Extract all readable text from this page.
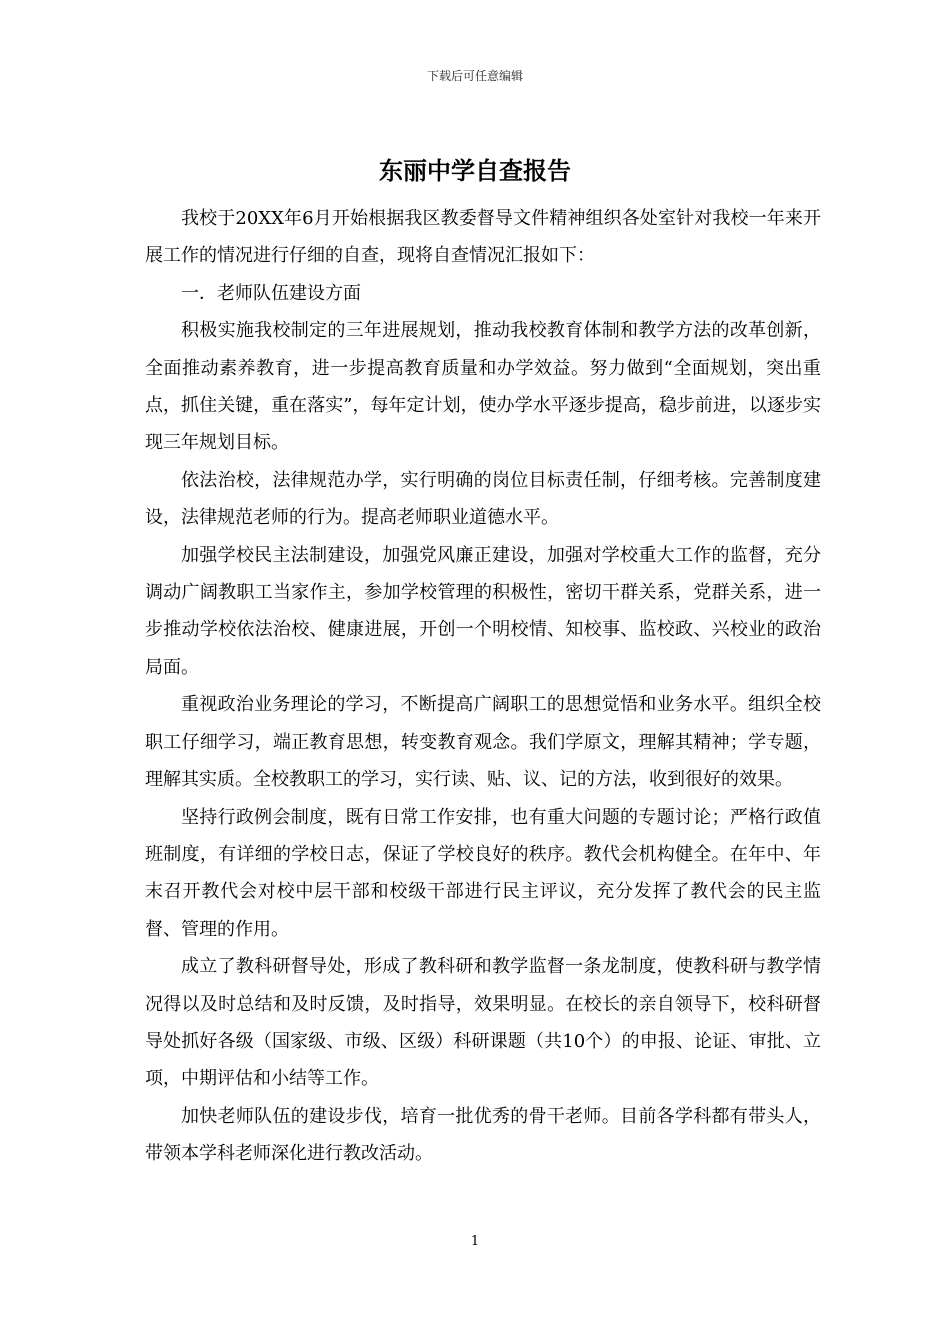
下载后可任意编辑
东丽中学自查报告

我校于20XX年6月开始根据我区教委督导文件精神组织各处室针对我校一年来开展工作的情况进行仔细的自查，现将自查情况汇报如下：

一．老师队伍建设方面

积极实施我校制定的三年进展规划，推动我校教育体制和教学方法的改革创新，全面推动素养教育，进一步提高教育质量和办学效益。努力做到“全面规划，突出重点，抓住关键，重在落实”，每年定计划，使办学水平逐步提高，稳步前进，以逐步实现三年规划目标。

依法治校，法律规范办学，实行明确的岗位目标责任制，仔细考核。完善制度建设，法律规范老师的行为。提高老师职业道德水平。

加强学校民主法制建设，加强党风廉正建设，加强对学校重大工作的监督，充分调动广阔教职工当家作主，参加学校管理的积极性，密切干群关系，党群关系，进一步推动学校依法治校、健康进展，开创一个明校情、知校事、监校政、兴校业的政治局面。

重视政治业务理论的学习，不断提高广阔职工的思想觉悟和业务水平。组织全校职工仔细学习，端正教育思想，转变教育观念。我们学原文，理解其精神；学专题，理解其实质。全校教职工的学习，实行读、贴、议、记的方法，收到很好的效果。

坚持行政例会制度，既有日常工作安排，也有重大问题的专题讨论；严格行政值班制度，有详细的学校日志，保证了学校良好的秩序。教代会机构健全。在年中、年末召开教代会对校中层干部和校级干部进行民主评议，充分发挥了教代会的民主监督、管理的作用。

成立了教科研督导处，形成了教科研和教学监督一条龙制度，使教科研与教学情况得以及时总结和及时反馈，及时指导，效果明显。在校长的亲自领导下，校科研督导处抓好各级（国家级、市级、区级）科研课题（共10个）的申报、论证、审批、立项，中期评估和小结等工作。

加快老师队伍的建设步伐，培育一批优秀的骨干老师。目前各学科都有带头人，带领本学科老师深化进行教改活动。

1
